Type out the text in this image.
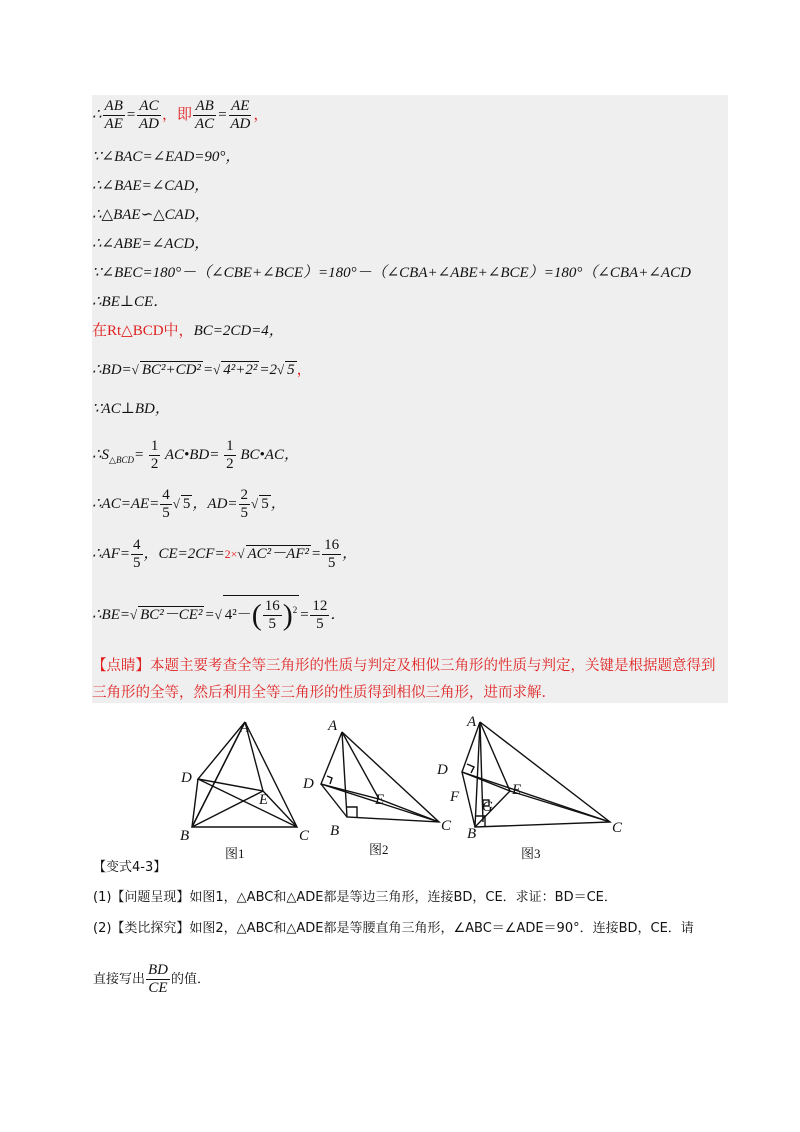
∴ $\frac{AB}{AE} = \frac{AC}{AD}$ ，即 $\frac{AB}{AC} = \frac{AE}{AD}$ ，
∵∠BAC=∠EAD=90°，
∴∠BAE=∠CAD，
∴△BAE∽△CAD，
∴∠ABE=∠ACD，
∵∠BEC=180°－（∠CBE+∠BCE）=180°－（∠CBA+∠ABE+∠BCE）=180°（∠CBA+∠ACD
∴BE⊥CE．
在Rt△BCD中，BC=2CD=4，
∴BD=√ BC²+CD² =√ 4²+2² =2√ 5 ，
∵AC⊥BD，
$\therefore S_{\triangle BCD}= \frac{1}{2}$ AC•BD= $\frac{1}{2}$ BC•AC，
∴AC=AE= $\frac{4}{5}$ √ 5 ，$AD= \frac{2}{5}$ √ 5 ，
∴AF= $\frac{4}{5}$ ，CE=2CF=2×√ $AC^2-AF^2 = \frac{16}{5}$ ，
∴BE=√ BC²－CE² =√ $4^2-( \frac{16}{5} )^2 = \frac{12}{5}$ ．
【点睛】本题主要考查全等三角形的性质与判定及相似三角形的性质与判定，关键是根据题意得到三角形的全等，然后利用全等三角形的性质得到相似三角形，进而求解．
A
B	C
D
E
A
B	C
D
E
A
B	C
D
E
F
G
图1	图2	图3
【变式4-3】
(1)【问题呈现】如图1，△ABC和△ADE都是等边三角形，连接BD，CE．求证：BD＝CE．
(2)【类比探究】如图2，△ABC和△ADE都是等腰直角三角形，∠ABC＝∠ADE＝90°．连接BD，CE．请
直接写出 $\frac{BD}{CE}$ 的值．
